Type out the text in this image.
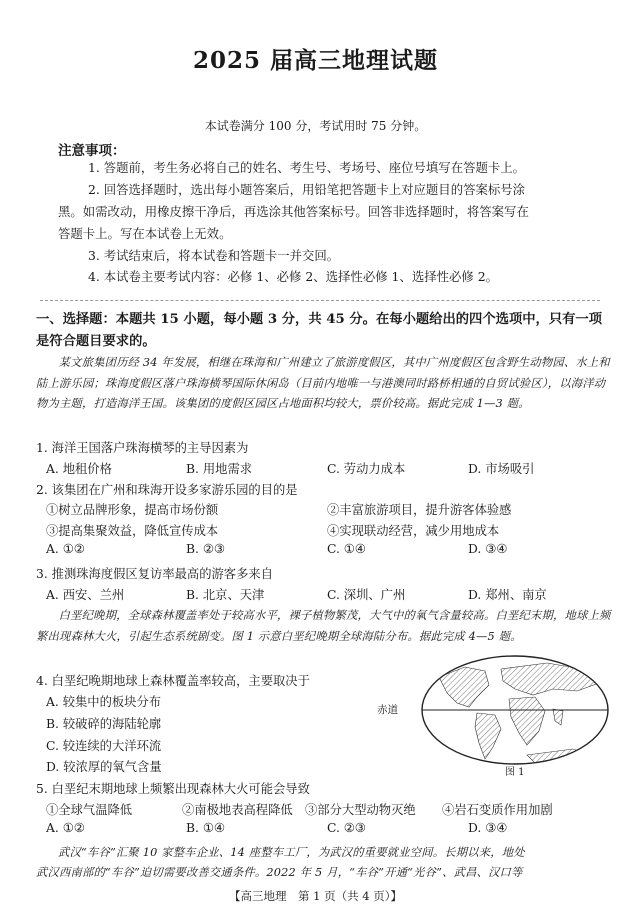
2025 届高三地理试题
本试卷满分 100 分，考试用时 75 分钟。
注意事项：
1. 答题前，考生务必将自己的姓名、考生号、考场号、座位号填写在答题卡上。
2. 回答选择题时，选出每小题答案后，用铅笔把答题卡上对应题目的答案标号涂
黑。如需改动，用橡皮擦干净后，再选涂其他答案标号。回答非选择题时，将答案写在
答题卡上。写在本试卷上无效。
3. 考试结束后，将本试卷和答题卡一并交回。
4. 本试卷主要考试内容：必修 1、必修 2、选择性必修 1、选择性必修 2。
一、选择题：本题共 15 小题，每小题 3 分，共 45 分。在每小题给出的四个选项中，只有一项是符合题目要求的。
某文旅集团历经 34 年发展，相继在珠海和广州建立了旅游度假区，其中广州度假区包含野生动物园、水上和陆上游乐园；珠海度假区落户珠海横琴国际休闲岛（目前内地唯一与港澳同时路桥相通的自贸试验区），以海洋动物为主题，打造海洋王国。该集团的度假区园区占地面积均较大，票价较高。据此完成 1—3 题。
1. 海洋王国落户珠海横琴的主导因素为
A. 地租价格	B. 用地需求	C. 劳动力成本	D. 市场吸引
2. 该集团在广州和珠海开设多家游乐园的目的是
①树立品牌形象，提高市场份额	②丰富旅游项目，提升游客体验感
③提高集聚效益，降低宣传成本	④实现联动经营，减少用地成本
A. ①②	B. ②③	C. ①④	D. ③④
3. 推测珠海度假区复访率最高的游客多来自
A. 西安、兰州	B. 北京、天津	C. 深圳、广州	D. 郑州、南京
白垩纪晚期，全球森林覆盖率处于较高水平，裸子植物繁茂，大气中的氧气含量较高。白垩纪末期，地球上频繁出现森林大火，引起生态系统剧变。图 1 示意白垩纪晚期全球海陆分布。据此完成 4—5 题。
4. 白垩纪晚期地球上森林覆盖率较高，主要取决于
A. 较集中的板块分布
B. 较破碎的海陆轮廓
C. 较连续的大洋环流
D. 较浓厚的氧气含量
赤道
图 1
5. 白垩纪末期地球上频繁出现森林大火可能会导致
①全球气温降低	②南极地表高程降低 ③部分大型动物灭绝 ④岩石变质作用加剧
A. ①②	B. ①④	C. ②③	D. ③④
武汉“车谷”汇聚 10 家整车企业、14 座整车工厂，为武汉的重要就业空间。长期以来，地处
武汉西南部的“车谷”迫切需要改善交通条件。2022 年 5 月，“车谷”开通“光谷”、武昌、汉口等
【高三地理　第 1 页（共 4 页）】
